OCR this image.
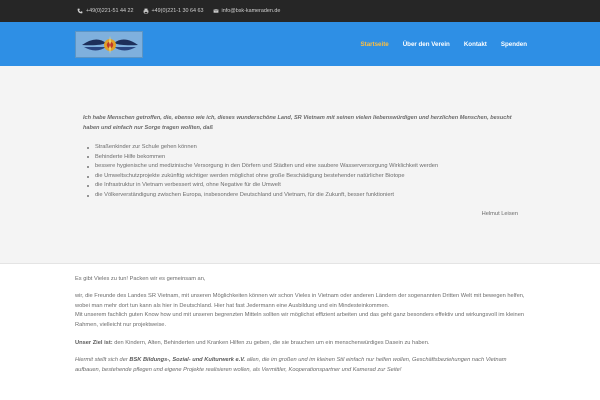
+49(0)221-51 44 22	+49(0)221-1 30 64 63	info@bsk-kameraden.de
Startseite Über den Verein Kontakt Spenden

Ich habe Menschen getroffen, die, ebenso wie ich, dieses wunderschöne Land, SR Vietnam mit seinen vielen liebenswürdigen und herzlichen Menschen, besucht haben und einfach nur Sorge tragen wollten, daß

Straßenkinder zur Schule gehen können
Behinderte Hilfe bekommen
bessere hygienische und medizinische Versorgung in den Dörfern und Städten und eine saubere Wasserversorgung Wirklichkeit werden
die Umweltschutzprojekte zukünftig wichtiger werden möglichst ohne große Beschädigung bestehender natürlicher Biotope
die Infrastruktur in Vietnam verbessert wird, ohne Negative für die Umwelt
die Völkerverständigung zwischen Europa, insbesondere Deutschland und Vietnam, für die Zukunft, besser funktioniert
Helmut Leisen

Es gibt Vieles zu tun! Packen wir es gemeinsam an,

wir, die Freunde des Landes SR Vietnam, mit unseren Möglichkeiten können wir schon Vieles in Vietnam oder anderen Ländern der sogenannten Dritten Welt mit bewegen helfen, wobei man mehr dort tun kann als hier in Deutschland. Hier hat fast Jedermann eine Ausbildung und ein Mindesteinkommen.
Mit unserem fachlich guten Know how und mit unseren begrenzten Mitteln sollten wir möglichst effizient arbeiten und das geht ganz besonders effektiv und wirkungsvoll im kleinen Rahmen, vielleicht nur projektweise.

Unser Ziel ist: den Kindern, Alten, Behinderten und Kranken Hilfen zu geben, die sie brauchen um ein menschenwürdiges Dasein zu haben.

Hiermit stellt sich der BSK Bildungs-, Sozial- und Kulturwerk e.V. allen, die im großen und im kleinen Stil einfach nur helfen wollen, Geschäftsbeziehungen nach Vietnam aufbauen, bestehende pflegen und eigene Projekte realisieren wollen, als Vermittler, Kooperationspartner und Kamerad zur Seite!
